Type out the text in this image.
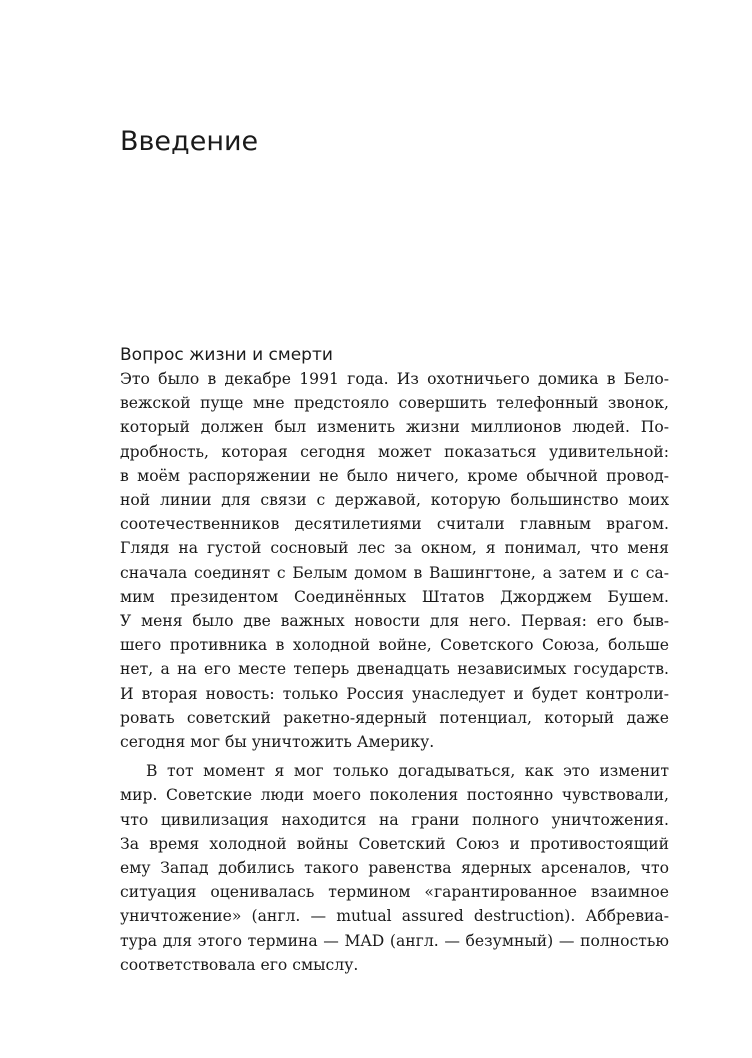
Введение
Вопрос жизни и смерти
Это было в декабре 1991 года. Из охотничьего домика в Бело-
вежской пуще мне предстояло совершить телефонный звонок,
который должен был изменить жизни миллионов людей. По-
дробность, которая сегодня может показаться удивительной:
в моём распоряжении не было ничего, кроме обычной провод-
ной линии для связи с державой, которую большинство моих
соотечественников десятилетиями считали главным врагом.
Глядя на густой сосновый лес за окном, я понимал, что меня
сначала соединят с Белым домом в Вашингтоне, а затем и с са-
мим президентом Соединённых Штатов Джорджем Бушем.
У меня было две важных новости для него. Первая: его быв-
шего противника в холодной войне, Советского Союза, больше
нет, а на его месте теперь двенадцать независимых государств.
И вторая новость: только Россия унаследует и будет контроли-
ровать советский ракетно-ядерный потенциал, который даже
сегодня мог бы уничтожить Америку.
В тот момент я мог только догадываться, как это изменит
мир. Советские люди моего поколения постоянно чувствовали,
что цивилизация находится на грани полного уничтожения.
За время холодной войны Советский Союз и противостоящий
ему Запад добились такого равенства ядерных арсеналов, что
ситуация оценивалась термином «гарантированное взаимное
уничтожение» (англ. — mutual assured destruction). Аббревиа-
тура для этого термина — MAD (англ. — безумный) — полностью
соответствовала его смыслу.
